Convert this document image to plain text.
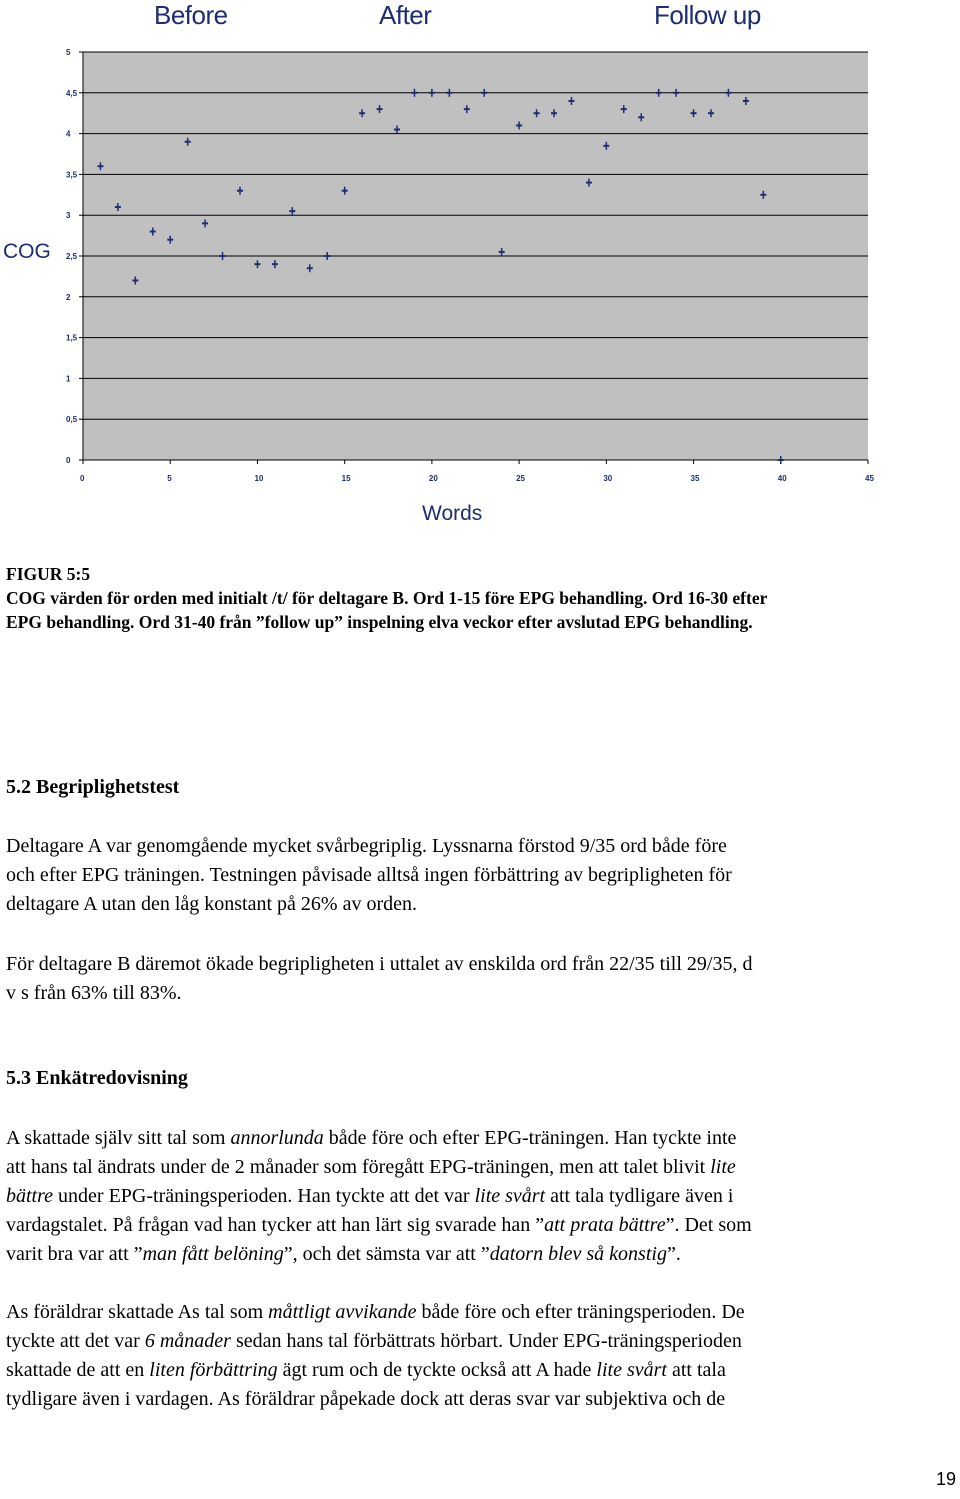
0
0,5
1
1,5
2
2,5
3
3,5
4
4,5
5
0	5	10	15	20	25	30	35	40	45
Before	After	Follow up
COG
Words
FIGUR 5:5
COG värden för orden med initialt /t/ för deltagare B. Ord 1-15 före EPG behandling. Ord 16-30 efter
EPG behandling. Ord 31-40 från ”follow up” inspelning elva veckor efter avslutad EPG behandling.
5.2 Begriplighetstest
Deltagare A var genomgående mycket svårbegriplig. Lyssnarna förstod 9/35 ord både före
och efter EPG träningen. Testningen påvisade alltså ingen förbättring av begripligheten för
deltagare A utan den låg konstant på 26% av orden.
För deltagare B däremot ökade begripligheten i uttalet av enskilda ord från 22/35 till 29/35, d
v s från 63% till 83%.
5.3 Enkätredovisning
A skattade själv sitt tal som annorlunda både före och efter EPG-träningen. Han tyckte inte
att hans tal ändrats under de 2 månader som föregått EPG-träningen, men att talet blivit lite
bättre under EPG-träningsperioden. Han tyckte att det var lite svårt att tala tydligare även i
vardagstalet. På frågan vad han tycker att han lärt sig svarade han ”att prata bättre”. Det som
varit bra var att ”man fått belöning”, och det sämsta var att ”datorn blev så konstig”.
As föräldrar skattade As tal som måttligt avvikande både före och efter träningsperioden. De
tyckte att det var 6 månader sedan hans tal förbättrats hörbart. Under EPG-träningsperioden
skattade de att en liten förbättring ägt rum och de tyckte också att A hade lite svårt att tala
tydligare även i vardagen. As föräldrar påpekade dock att deras svar var subjektiva och de
19
